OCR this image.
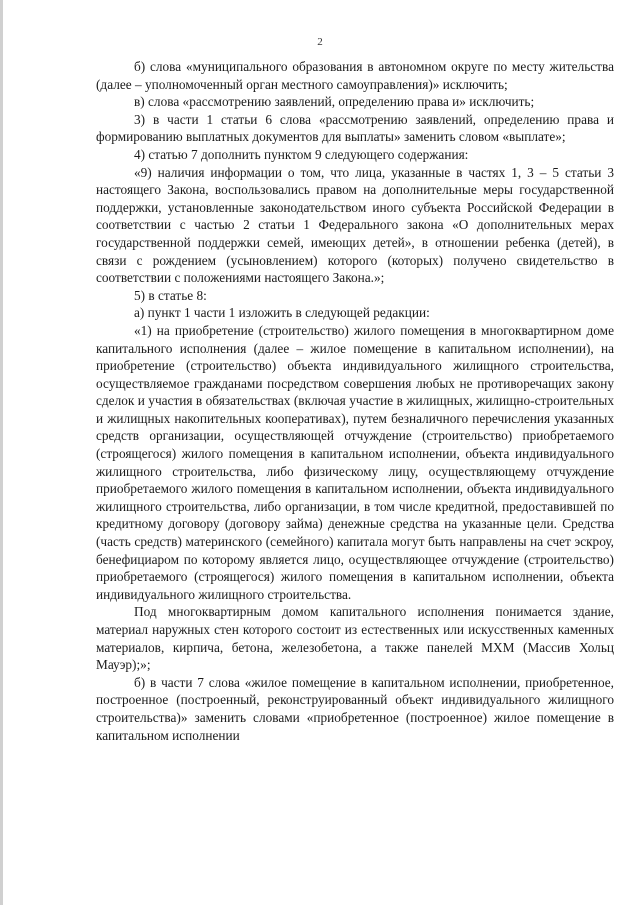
2

б) слова «муниципального образования в автономном округе по месту жительства (далее – уполномоченный орган местного самоуправления)» исключить;

в) слова «рассмотрению заявлений, определению права и» исключить;

3) в части 1 статьи 6 слова «рассмотрению заявлений, определению права и формированию выплатных документов для выплаты» заменить словом «выплате»;

4) статью 7 дополнить пунктом 9 следующего содержания:

«9) наличия информации о том, что лица, указанные в частях 1, 3 – 5 статьи 3 настоящего Закона, воспользовались правом на дополнительные меры государственной поддержки, установленные законодательством иного субъекта Российской Федерации в соответствии с частью 2 статьи 1 Федерального закона «О дополнительных мерах государственной поддержки семей, имеющих детей», в отношении ребенка (детей), в связи с рождением (усыновлением) которого (которых) получено свидетельство в соответствии с положениями настоящего Закона.»;

5) в статье 8:

а) пункт 1 части 1 изложить в следующей редакции:

«1) на приобретение (строительство) жилого помещения в многоквартирном доме капитального исполнения (далее – жилое помещение в капитальном исполнении), на приобретение (строительство) объекта индивидуального жилищного строительства, осуществляемое гражданами посредством совершения любых не противоречащих закону сделок и участия в обязательствах (включая участие в жилищных, жилищно-строительных и жилищных накопительных кооперативах), путем безналичного перечисления указанных средств организации, осуществляющей отчуждение (строительство) приобретаемого (строящегося) жилого помещения в капитальном исполнении, объекта индивидуального жилищного строительства, либо физическому лицу, осуществляющему отчуждение приобретаемого жилого помещения в капитальном исполнении, объекта индивидуального жилищного строительства, либо организации, в том числе кредитной, предоставившей по кредитному договору (договору займа) денежные средства на указанные цели. Средства (часть средств) материнского (семейного) капитала могут быть направлены на счет эскроу, бенефициаром по которому является лицо, осуществляющее отчуждение (строительство) приобретаемого (строящегося) жилого помещения в капитальном исполнении, объекта индивидуального жилищного строительства.

Под многоквартирным домом капитального исполнения понимается здание, материал наружных стен которого состоит из естественных или искусственных каменных материалов, кирпича, бетона, железобетона, а также панелей МХМ (Массив Хольц Мауэр);»;

б) в части 7 слова «жилое помещение в капитальном исполнении, приобретенное, построенное (построенный, реконструированный объект индивидуального жилищного строительства)» заменить словами «приобретенное (построенное) жилое помещение в капитальном исполнении
